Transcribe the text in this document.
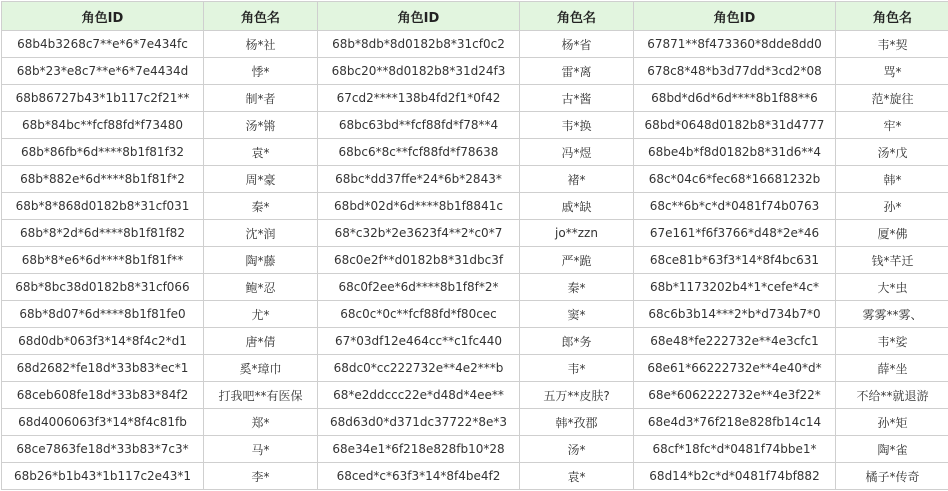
角色ID	角色名	角色ID	角色名	角色ID	角色名
68b4b3268c7**e*6*7e434fc	杨*社	68b*8db*8d0182b8*31cf0c2	杨*省	67871**8f473360*8dde8dd0	韦*契
68b*23*e8c7**e*6*7e4434d	悸*	68bc20**8d0182b8*31d24f3	雷*离	678c8*48*b3d77dd*3cd2*08	骂*
68b86727b43*1b117c2f21**	制*者	67cd2****138b4fd2f1*0f42	古*酱	68bd*d6d*6d****8b1f88**6	范*旋往
68b*84bc**fcf88fd*f73480	汤*锵	68bc63bd**fcf88fd*f78**4	韦*换	68bd*0648d0182b8*31d4777	牢*
68b*86fb*6d****8b1f81f32	袁*	68bc6*8c**fcf88fd*f78638	冯*煜	68be4b*f8d0182b8*31d6**4	汤*戊
68b*882e*6d****8b1f81f*2	周*豪	68bc*dd37ffe*24*6b*2843*	褚*	68c*04c6*fec68*16681232b	韩*
68b*8*868d0182b8*31cf031	秦*	68bd*02d*6d****8b1f8841c	戚*缺	68c**6b*c*d*0481f74b0763	孙*
68b*8*2d*6d****8b1f81f82	沈*润	68*c32b*2e3623f4**2*c0*7	jo**zzn	67e161*f6f3766*d48*2e*46	厦*佛
68b*8*e6*6d****8b1f81f**	陶*藤	68c0e2f**d0182b8*31dbc3f	严*跪	68ce81b*63f3*14*8f4bc631	钱*芊迁
68b*8bc38d0182b8*31cf066	鲍*忍	68c0f2ee*6d****8b1f8f*2*	秦*	68b*1173202b4*1*cefe*4c*	大*虫
68b*8d07*6d****8b1f81fe0	尤*	68c0c*0c**fcf88fd*f80cec	窦*	68c6b3b14***2*b*d734b7*0	雾雾**雾、
68d0db*063f3*14*8f4c2*d1	唐*倩	67*03df12e464cc**c1fc440	郎*务	68e48*fe222732e**4e3cfc1	韦*娑
68d2682*fe18d*33b83*ec*1	奚*璋巾	68dc0*cc222732e**4e2***b	韦*	68e61*66222732e**4e40*d*	薛*坐
68ceb608fe18d*33b83*84f2	打我吧**有医保	68*e2ddccc22e*d48d*4ee**	五万**皮肤?	68e*6062222732e**4e3f22*	不给**就退游
68d4006063f3*14*8f4c81fb	郑*	68d63d0*d371dc37722*8e*3	韩*孜郡	68e4d3*76f218e828fb14c14	孙*矩
68ce7863fe18d*33b83*7c3*	马*	68e34e1*6f218e828fb10*28	汤*	68cf*18fc*d*0481f74bbe1*	陶*雀
68b26*b1b43*1b117c2e43*1	李*	68ced*c*63f3*14*8f4be4f2	袁*	68d14*b2c*d*0481f74bf882	橘子*传奇
